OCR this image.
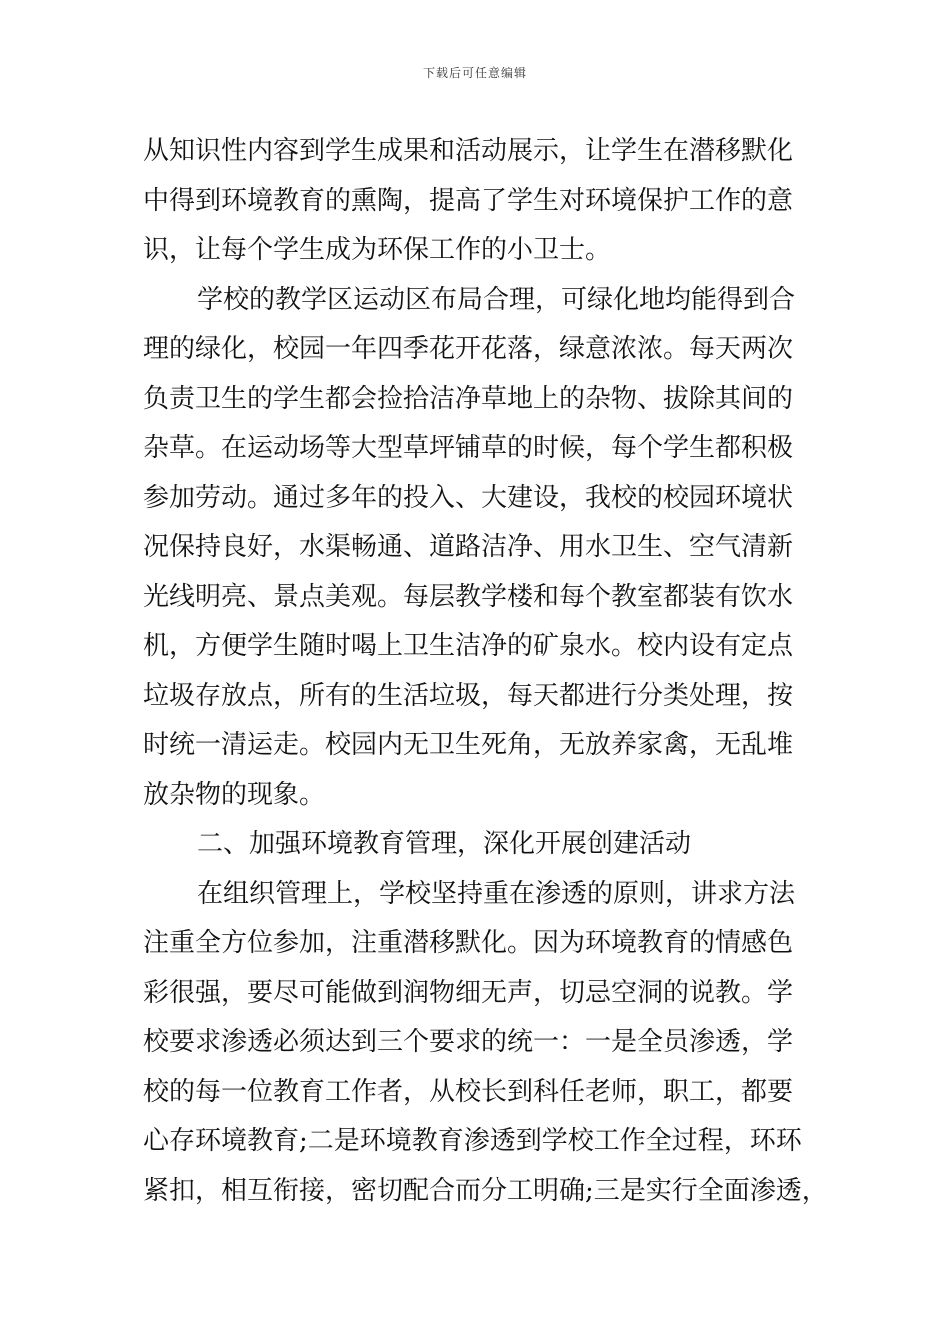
下载后可任意编辑
从知识性内容到学生成果和活动展示，让学生在潜移默化
中得到环境教育的熏陶，提高了学生对环境保护工作的意
识，让每个学生成为环保工作的小卫士。
学校的教学区运动区布局合理，可绿化地均能得到合
理的绿化，校园一年四季花开花落，绿意浓浓。每天两次
负责卫生的学生都会捡拾洁净草地上的杂物、拔除其间的
杂草。在运动场等大型草坪铺草的时候，每个学生都积极
参加劳动。通过多年的投入、大建设，我校的校园环境状
况保持良好，水渠畅通、道路洁净、用水卫生、空气清新
光线明亮、景点美观。每层教学楼和每个教室都装有饮水
机，方便学生随时喝上卫生洁净的矿泉水。校内设有定点
垃圾存放点，所有的生活垃圾，每天都进行分类处理，按
时统一清运走。校园内无卫生死角，无放养家禽，无乱堆
放杂物的现象。
二、加强环境教育管理，深化开展创建活动
在组织管理上，学校坚持重在渗透的原则，讲求方法
注重全方位参加，注重潜移默化。因为环境教育的情感色
彩很强，要尽可能做到润物细无声，切忌空洞的说教。学
校要求渗透必须达到三个要求的统一：一是全员渗透，学
校的每一位教育工作者，从校长到科任老师，职工，都要
心存环境教育;二是环境教育渗透到学校工作全过程，环环
紧扣，相互衔接，密切配合而分工明确;三是实行全面渗透，
